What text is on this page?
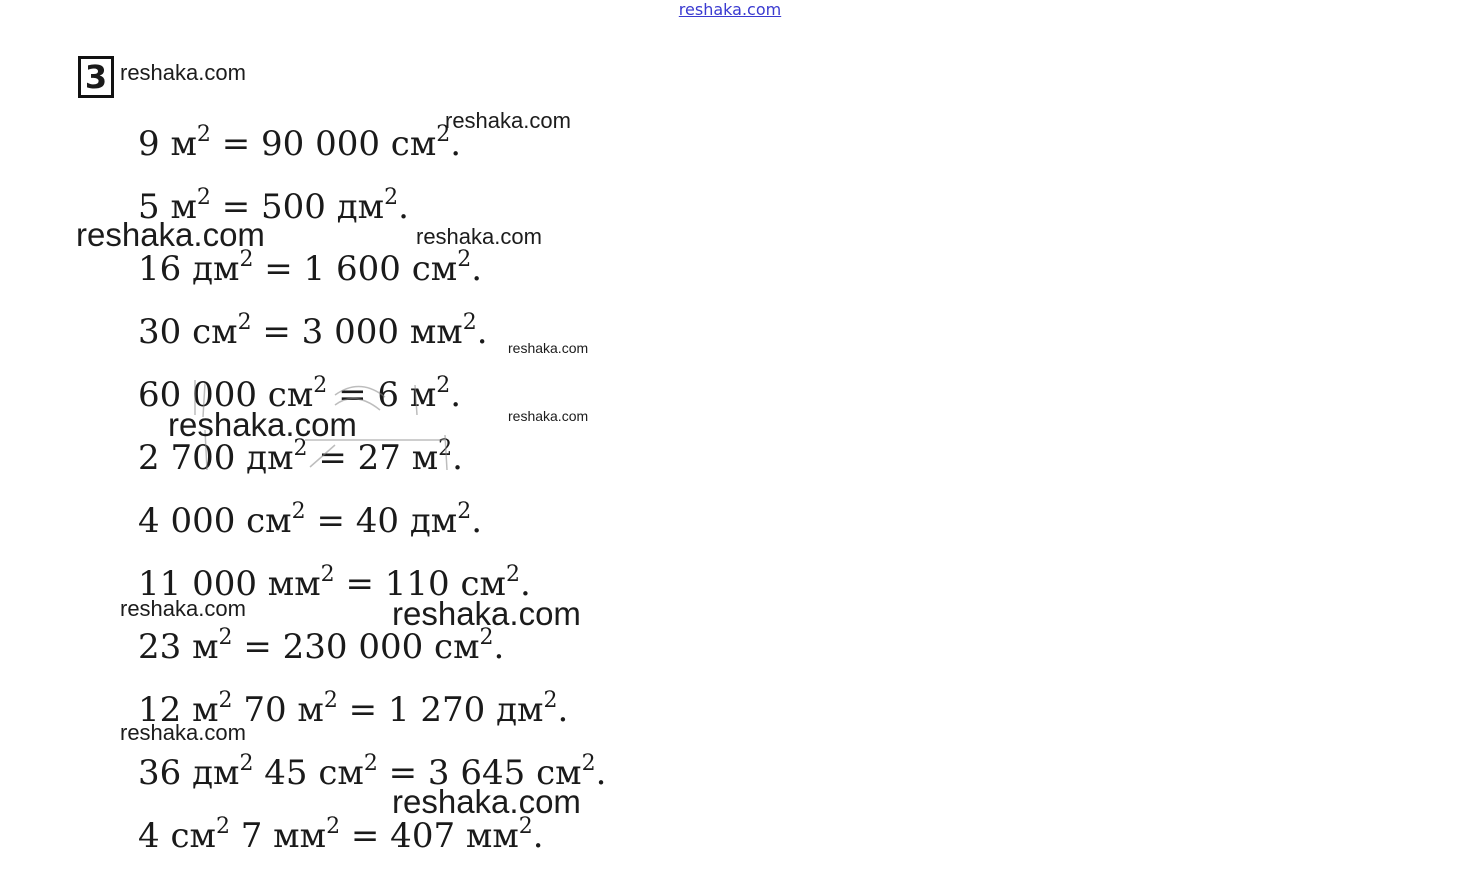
reshaka.com
3
9 $м^2 = 90$ 000 $см^2$.
5 $м^2 = 500$ $дм^2$.
16 $дм^2 = 1$ 600 $см^2$.
30 $см^2 = 3$ 000 $мм^2$.
60 000 $см^2 = 6$ $м^2$.
2 700 $дм^2 = 27$ $м^2$.
4 000 $см^2 = 40$ $дм^2$.
11 000 $мм^2 = 110$ $см^2$.
23 $м^2 = 230$ 000 $см^2$.
12 $м^2$ 70 $м^2 = 1$ 270 $дм^2$.
36 $дм^2$ 45 $см^2 = 3$ 645 $см^2$.
4 $см^2$ 7 $мм^2 = 407$ $мм^2$.
reshaka.com
reshaka.com
reshaka.com	reshaka.com
reshaka.com
reshaka.com
reshaka.com
reshaka.com	reshaka.com
reshaka.com
reshaka.com
